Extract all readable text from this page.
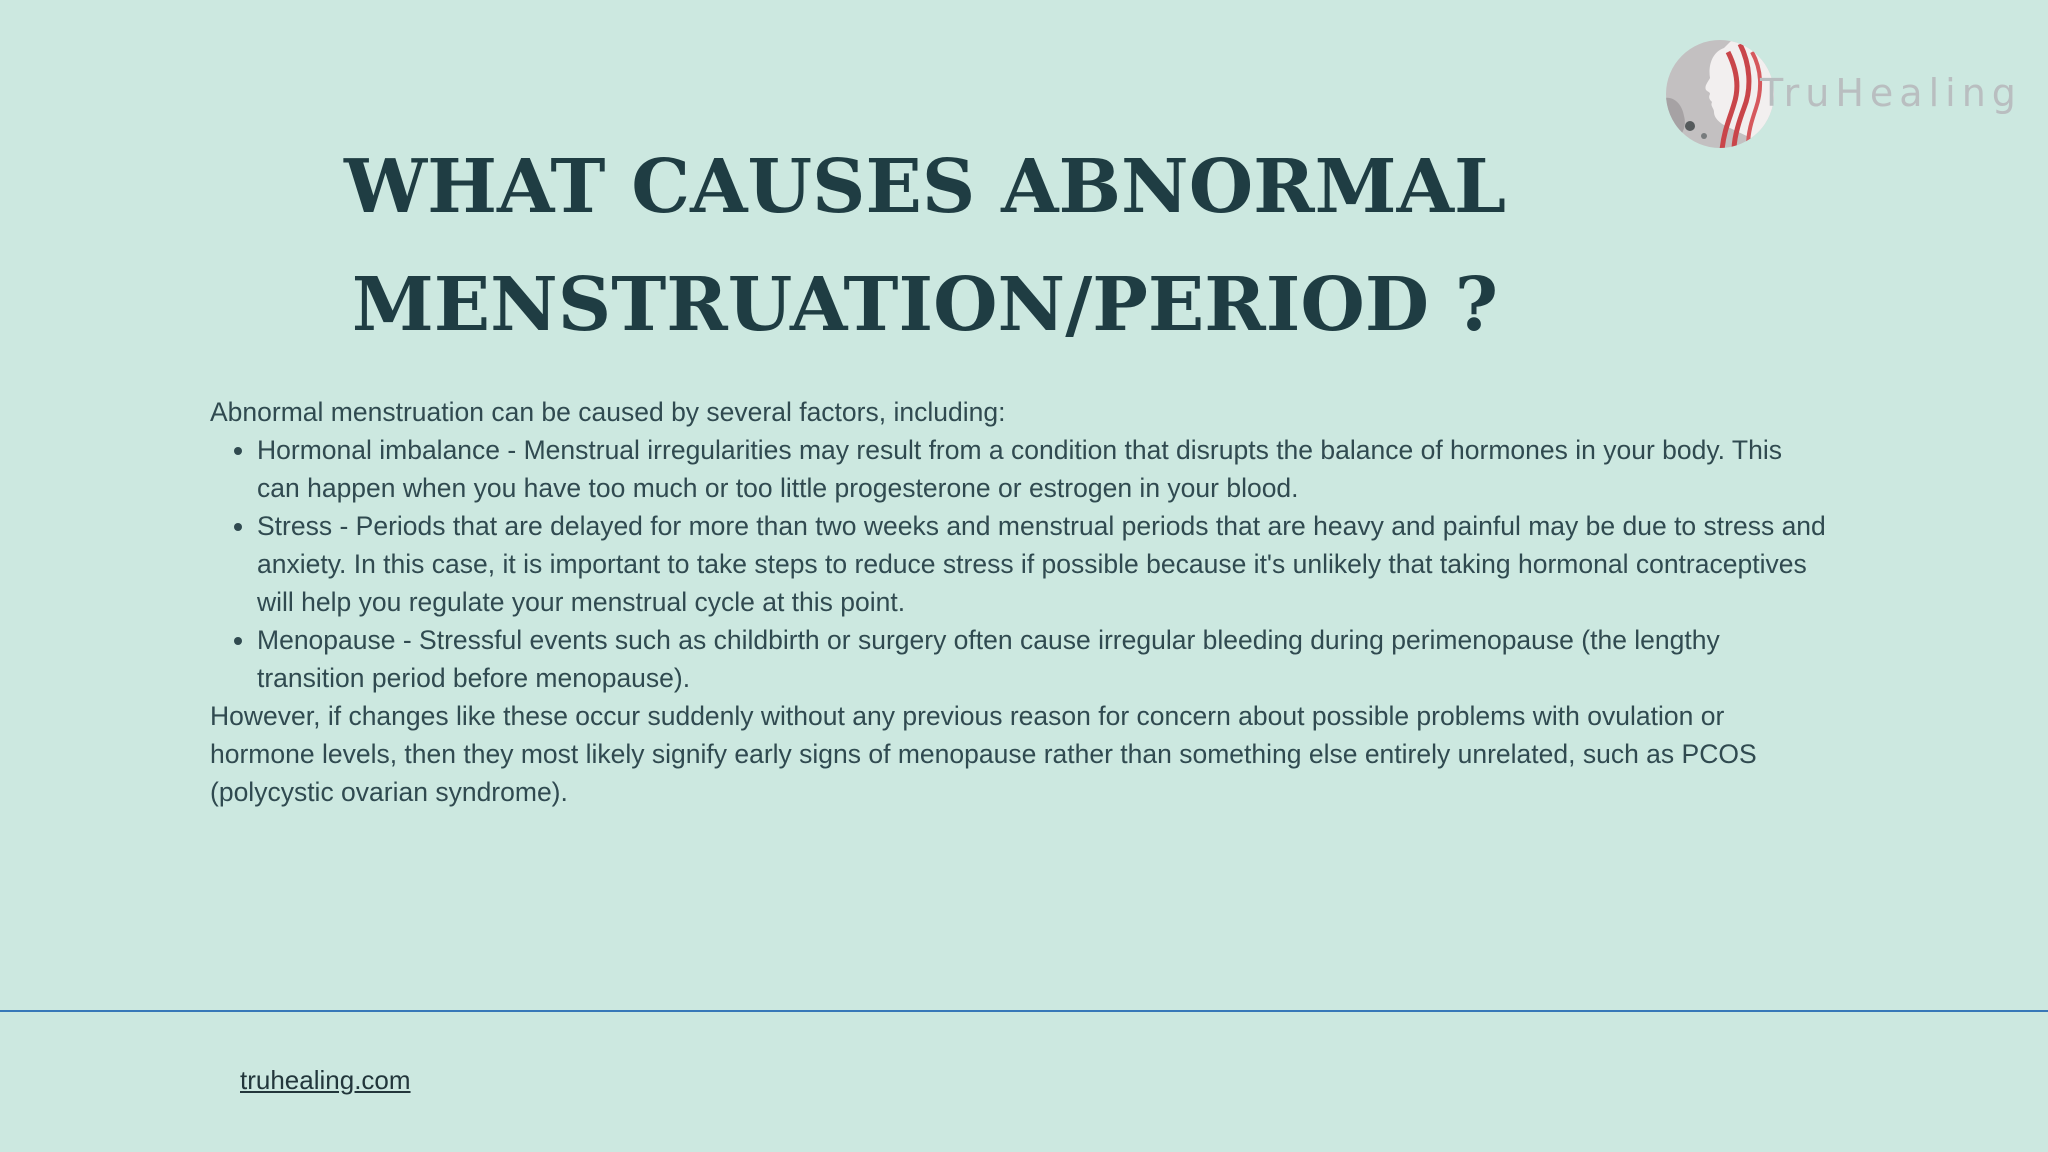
TruHealing
WHAT CAUSES ABNORMAL
MENSTRUATION/PERIOD ?

Abnormal menstruation can be caused by several factors, including:

• Hormonal imbalance - Menstrual irregularities may result from a condition that disrupts the balance of hormones in your body. This can happen when you have too much or too little progesterone or estrogen in your blood.
• Stress - Periods that are delayed for more than two weeks and menstrual periods that are heavy and painful may be due to stress and anxiety. In this case, it is important to take steps to reduce stress if possible because it's unlikely that taking hormonal contraceptives will help you regulate your menstrual cycle at this point.
• Menopause - Stressful events such as childbirth or surgery often cause irregular bleeding during perimenopause (the lengthy transition period before menopause).

However, if changes like these occur suddenly without any previous reason for concern about possible problems with ovulation or hormone levels, then they most likely signify early signs of menopause rather than something else entirely unrelated, such as PCOS (polycystic ovarian syndrome).

truhealing.com
